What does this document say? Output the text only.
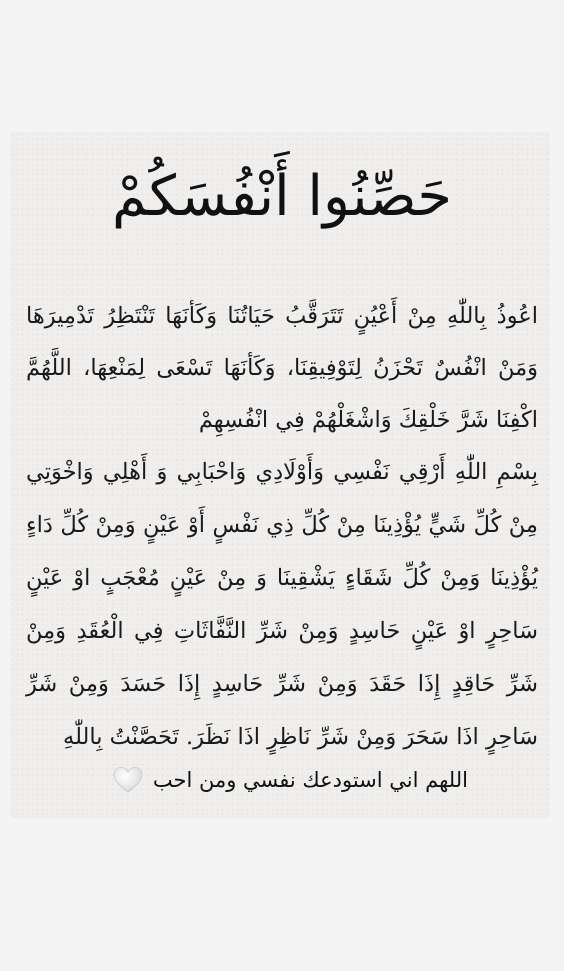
حَصِّنُوا أَنْفُسَكُمْ
اعُوذُ بِاللّٰهِ مِنْ أَعْيُنٍ تَتَرَقَّبُ حَيَاتُنَا وَكَأنَهَا تَنْتَظِرُ تَدْمِيرَهَا وَمَنْ انْفُسٌ تَحْزَنُ لِتَوْفِيقِنَا، وَكَأنَهَا تَسْعَى لِمَنْعِهَا، اللَّهُمَّ اكْفِنَا شَرَّ خَلْقِكَ وَاشْغَلْهُمْ فِي انْفُسِهِمْ
بِسْمِ اللّٰهِ أَرْقِي نَفْسِي وَأَوْلَادِي وَاحْبَابِي وَ أَهْلِي وَاخْوَتِي مِنْ كُلِّ شَيٍّ يُؤْذِينَا مِنْ كُلِّ ذِي نَفْسٍ أَوْ عَيْنٍ وَمِنْ كُلِّ دَاءٍ يُؤْذِينَا وَمِنْ كُلِّ شَقَاءٍ يَشْقِينَا وَ مِنْ عَيْنٍ مُعْجَبٍ اوْ عَيْنٍ سَاحِرٍ اوْ عَيْنٍ حَاسِدٍ وَمِنْ شَرِّ النَّفَّاثَاتِ فِي الْعُقَدِ وَمِنْ شَرِّ حَاقِدٍ إِذَا حَقَدَ وَمِنْ شَرِّ حَاسِدٍ إِذَا حَسَدَ وَمِنْ شَرِّ سَاحِرٍ اذَا سَحَرَ وَمِنْ شَرِّ نَاظِرٍ اذَا نَظَرَ. تَحَصَّنْتُ بِاللّٰهِ
اللهم اني استودعك نفسي ومن احب
